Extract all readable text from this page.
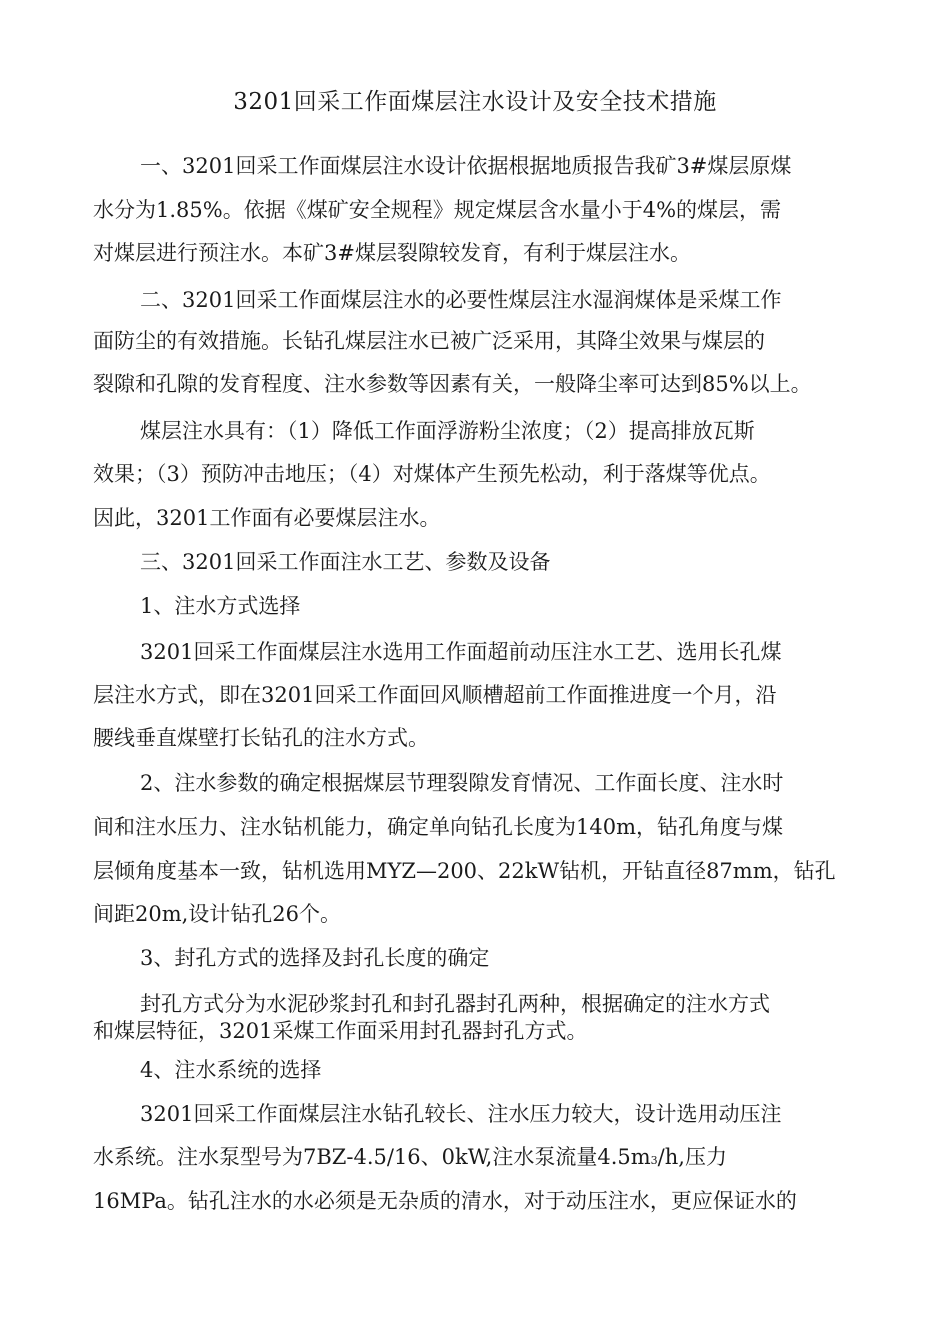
3201回采工作面煤层注水设计及安全技术措施
一、3201回采工作面煤层注水设计依据根据地质报告我矿3#煤层原煤
水分为1.85%。依据《煤矿安全规程》规定煤层含水量小于4%的煤层，需
对煤层进行预注水。本矿3#煤层裂隙较发育，有利于煤层注水。
二、3201回采工作面煤层注水的必要性煤层注水湿润煤体是采煤工作
面防尘的有效措施。长钻孔煤层注水已被广泛采用，其降尘效果与煤层的
裂隙和孔隙的发育程度、注水参数等因素有关，一般降尘率可达到85%以上。
煤层注水具有：（1）降低工作面浮游粉尘浓度；（2）提高排放瓦斯
效果；（3）预防冲击地压；（4）对煤体产生预先松动，利于落煤等优点。
因此，3201工作面有必要煤层注水。
三、3201回采工作面注水工艺、参数及设备
1、注水方式选择
3201回采工作面煤层注水选用工作面超前动压注水工艺、选用长孔煤
层注水方式，即在3201回采工作面回风顺槽超前工作面推进度一个月，沿
腰线垂直煤壁打长钻孔的注水方式。
2、注水参数的确定根据煤层节理裂隙发育情况、工作面长度、注水时
间和注水压力、注水钻机能力，确定单向钻孔长度为140m，钻孔角度与煤
层倾角度基本一致，钻机选用MYZ—200、22kW钻机，开钻直径87mm，钻孔
间距20m,设计钻孔26个。
3、封孔方式的选择及封孔长度的确定
封孔方式分为水泥砂浆封孔和封孔器封孔两种，根据确定的注水方式
和煤层特征，3201采煤工作面采用封孔器封孔方式。
4、注水系统的选择
3201回采工作面煤层注水钻孔较长、注水压力较大，设计选用动压注
水系统。注水泵型号为7BZ-4.5/16、0kW,注水泵流量4.5m3/h,压力
16MPa。钻孔注水的水必须是无杂质的清水，对于动压注水，更应保证水的
